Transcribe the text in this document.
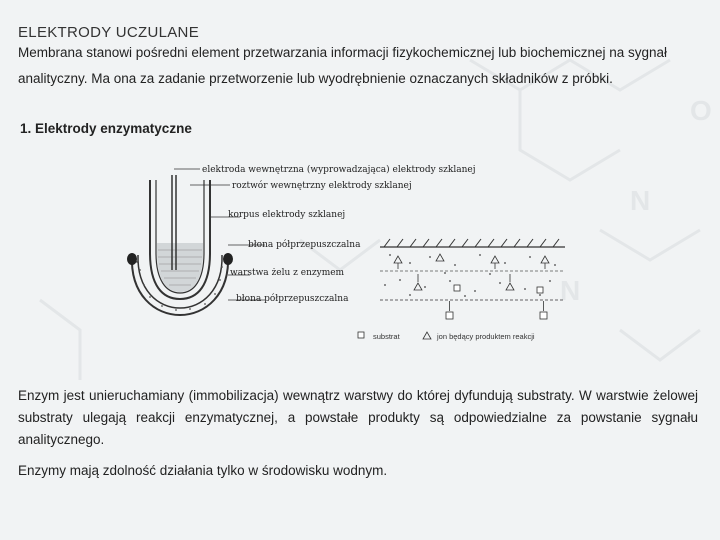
N
O
N
ELEKTRODY UCZULANE

Membrana stanowi pośredni element przetwarzania informacji fizykochemicznej lub biochemicznej na sygnał analityczny. Ma ona za zadanie przetworzenie lub wyodrębnienie oznaczanych składników z próbki.

1. Elektrody enzymatyczne
elektroda wewnętrzna (wyprowadzająca) elektrody szklanej
roztwór wewnętrzny elektrody szklanej
korpus elektrody szklanej
błona półprzepuszczalna
warstwa żelu z enzymem
błona półprzepuszczalna
substrat	jon będący produktem reakcji

Enzym jest unieruchamiany (immobilizacja) wewnątrz warstwy do której dyfundują substraty. W warstwie żelowej substraty ulegają reakcji enzymatycznej, a powstałe produkty są odpowiedzialne za powstanie sygnału analitycznego.

Enzymy mają zdolność działania tylko w środowisku wodnym.
